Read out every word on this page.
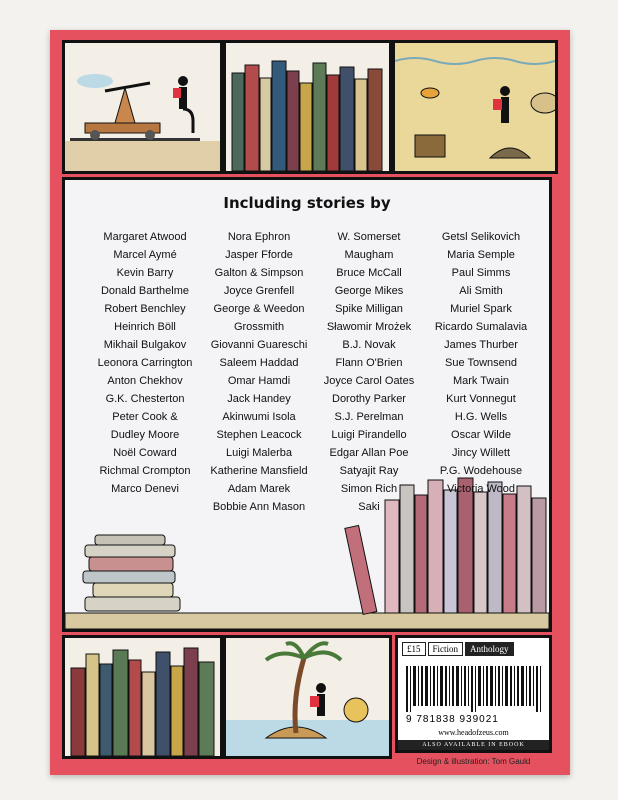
Including stories by
Margaret Atwood
Marcel Aymé
Kevin Barry
Donald Barthelme
Robert Benchley
Heinrich Böll
Mikhail Bulgakov
Leonora Carrington
Anton Chekhov
G.K. Chesterton
Peter Cook &
Dudley Moore
Noël Coward
Richmal Crompton
Marco Denevi
Nora Ephron
Jasper Fforde
Galton & Simpson
Joyce Grenfell
George & Weedon
Grossmith
Giovanni Guareschi
Saleem Haddad
Omar Hamdi
Jack Handey
Akinwumi Isola
Stephen Leacock
Luigi Malerba
Katherine Mansfield
Adam Marek
Bobbie Ann Mason
W. Somerset
Maugham
Bruce McCall
George Mikes
Spike Milligan
Sławomir Mrożek
B.J. Novak
Flann O'Brien
Joyce Carol Oates
Dorothy Parker
S.J. Perelman
Luigi Pirandello
Edgar Allan Poe
Satyajit Ray
Simon Rich
Saki
Getsl Selikovich
Maria Semple
Paul Simms
Ali Smith
Muriel Spark
Ricardo Sumalavia
James Thurber
Sue Townsend
Mark Twain
Kurt Vonnegut
H.G. Wells
Oscar Wilde
Jincy Willett
P.G. Wodehouse
Victoria Wood
£15	Fiction	Anthology
9 781838 939021
www.headofzeus.com
ALSO AVAILABLE IN EBOOK
Design & illustration: Tom Gauld
